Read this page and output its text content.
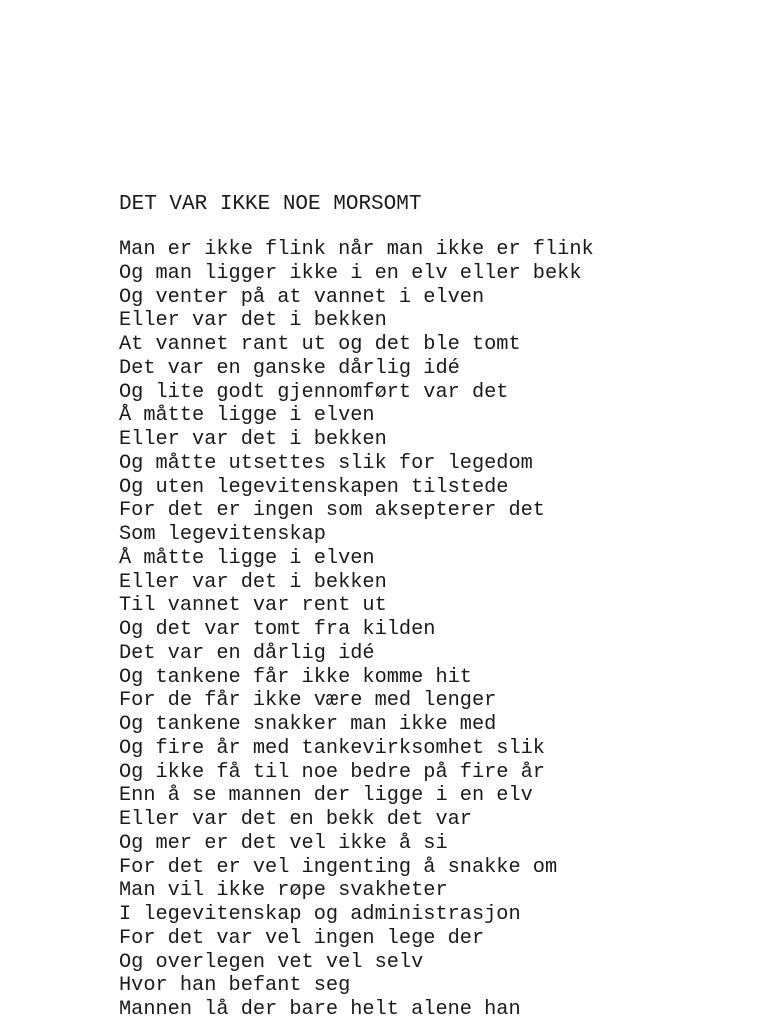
DET VAR IKKE NOE MORSOMT
Man er ikke flink når man ikke er flink
Og man ligger ikke i en elv eller bekk
Og venter på at vannet i elven
Eller var det i bekken
At vannet rant ut og det ble tomt
Det var en ganske dårlig idé
Og lite godt gjennomført var det
Å måtte ligge i elven
Eller var det i bekken
Og måtte utsettes slik for legedom
Og uten legevitenskapen tilstede
For det er ingen som aksepterer det
Som legevitenskap
Å måtte ligge i elven
Eller var det i bekken
Til vannet var rent ut
Og det var tomt fra kilden
Det var en dårlig idé
Og tankene får ikke komme hit
For de får ikke være med lenger
Og tankene snakker man ikke med
Og fire år med tankevirksomhet slik
Og ikke få til noe bedre på fire år
Enn å se mannen der ligge i en elv
Eller var det en bekk det var
Og mer er det vel ikke å si
For det er vel ingenting å snakke om
Man vil ikke røpe svakheter
I legevitenskap og administrasjon
For det var vel ingen lege der
Og overlegen vet vel selv
Hvor han befant seg
Mannen lå der bare helt alene han
